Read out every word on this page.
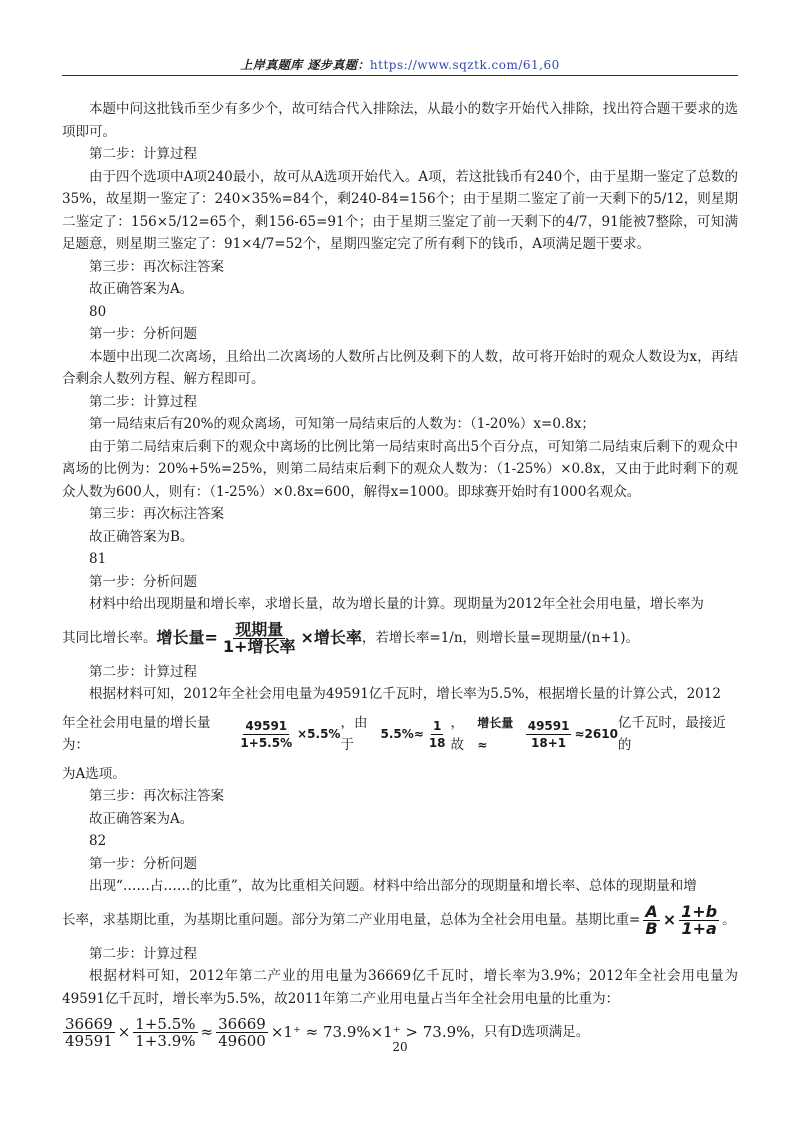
上岸真题库 逐步真题：https://www.sqztk.com/61,60

本题中问这批钱币至少有多少个，故可结合代入排除法，从最小的数字开始代入排除，找出符合题干要求的选项即可。

第二步：计算过程

由于四个选项中A项240最小，故可从A选项开始代入。A项，若这批钱币有240个，由于星期一鉴定了总数的35%，故星期一鉴定了：240×35%=84个，剩240-84=156个；由于星期二鉴定了前一天剩下的5/12，则星期二鉴定了：156×5/12=65个，剩156-65=91个；由于星期三鉴定了前一天剩下的4/7，91能被7整除，可知满足题意，则星期三鉴定了：91×4/7=52个，星期四鉴定完了所有剩下的钱币，A项满足题干要求。

第三步：再次标注答案

故正确答案为A。

80

第一步：分析问题

本题中出现二次离场，且给出二次离场的人数所占比例及剩下的人数，故可将开始时的观众人数设为x，再结合剩余人数列方程、解方程即可。

第二步：计算过程

第一局结束后有20%的观众离场，可知第一局结束后的人数为：（1-20%）x=0.8x；

由于第二局结束后剩下的观众中离场的比例比第一局结束时高出5个百分点，可知第二局结束后剩下的观众中离场的比例为：20%+5%=25%，则第二局结束后剩下的观众人数为：（1-25%）×0.8x，又由于此时剩下的观众人数为600人，则有：（1-25%）×0.8x=600，解得x=1000。即球赛开始时有1000名观众。

第三步：再次标注答案

故正确答案为B。

81

第一步：分析问题

材料中给出现期量和增长率，求增长量，故为增长量的计算。现期量为2012年全社会用电量，增长率为

其同比增长率。 增长量= $\frac{\text{现期量}}{\text{1+增长率}}$ ×增长率 ，若增长率=1/n，则增长量=现期量/(n+1)。

第二步：计算过程

根据材料可知，2012年全社会用电量为49591亿千瓦时，增长率为5.5%，根据增长量的计算公式，2012

年全社会用电量的增长量为：	$\frac{49591}{1+5.5\%} \times 5.5\%$
，由于
$5.5\%\approx \frac{1}{18}$ ，故
增长量≈	$\frac{49591}{18+1} \approx 2610$
亿千瓦时，最接近的

为A选项。

第三步：再次标注答案

故正确答案为A。

82

第一步：分析问题

出现“……占……的比重”，故为比重相关问题。材料中给出部分的现期量和增长率、总体的现期量和增

长率，求基期比重，为基期比重问题。部分为第二产业用电量，总体为全社会用电量。基期比重= $\frac{A}{B} \times \frac{1+b}{1+a}$ 。

第二步：计算过程

根据材料可知，2012年第二产业的用电量为36669亿千瓦时，增长率为3.9%；2012年全社会用电量为49591亿千瓦时，增长率为5.5%，故2011年第二产业用电量占当年全社会用电量的比重为：

$\frac{36669}{49591} \times \frac{1+5.5\%}{1+3.9\%} \approx \frac{36669}{49600} \times 1^+ \approx 73.9\%\times 1^+ > 73.9\%$ ，只有D选项满足。
20
